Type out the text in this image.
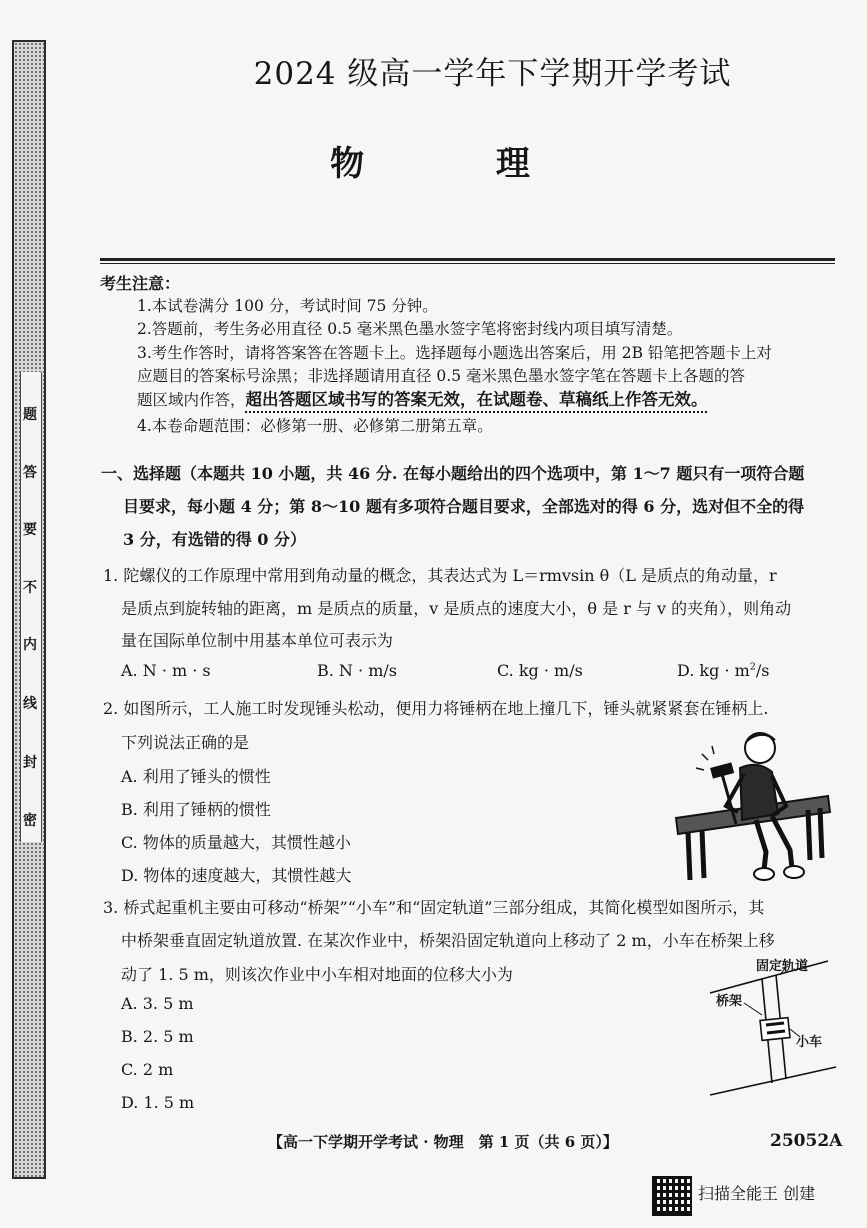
题
答
要
不
内
线
封
密
2024 级高一学年下学期开学考试
物 理
考生注意：
1.本试卷满分 100 分，考试时间 75 分钟。
2.答题前，考生务必用直径 0.5 毫米黑色墨水签字笔将密封线内项目填写清楚。
3.考生作答时，请将答案答在答题卡上。选择题每小题选出答案后，用 2B 铅笔把答题卡上对
应题目的答案标号涂黑；非选择题请用直径 0.5 毫米黑色墨水签字笔在答题卡上各题的答
题区域内作答，超出答题区域书写的答案无效，在试题卷、草稿纸上作答无效。
4.本卷命题范围：必修第一册、必修第二册第五章。
一、选择题（本题共 10 小题，共 46 分. 在每小题给出的四个选项中，第 1～7 题只有一项符合题
目要求，每小题 4 分；第 8～10 题有多项符合题目要求，全部选对的得 6 分，选对但不全的得
3 分，有选错的得 0 分）
1. 陀螺仪的工作原理中常用到角动量的概念，其表达式为 L＝rmvsin θ（L 是质点的角动量，r
是质点到旋转轴的距离，m 是质点的质量，v 是质点的速度大小，θ 是 r 与 v 的夹角），则角动
量在国际单位制中用基本单位可表示为
A. N · m · s	B. N · m/s	C. kg · m/s	D. kg · $m^2/s$
2. 如图所示，工人施工时发现锤头松动，便用力将锤柄在地上撞几下，锤头就紧紧套在锤柄上.
下列说法正确的是
A. 利用了锤头的惯性
B. 利用了锤柄的惯性
C. 物体的质量越大，其惯性越小
D. 物体的速度越大，其惯性越大
3. 桥式起重机主要由可移动“桥架”“小车”和“固定轨道”三部分组成，其简化模型如图所示，其
中桥架垂直固定轨道放置. 在某次作业中，桥架沿固定轨道向上移动了 2 m，小车在桥架上移
动了 1. 5 m，则该次作业中小车相对地面的位移大小为
A. 3. 5 m
B. 2. 5 m
C. 2 m
D. 1. 5 m
固定轨道
桥架
小车
【高一下学期开学考试 · 物理　第 1 页（共 6 页）】	25052A
扫描全能王 创建
